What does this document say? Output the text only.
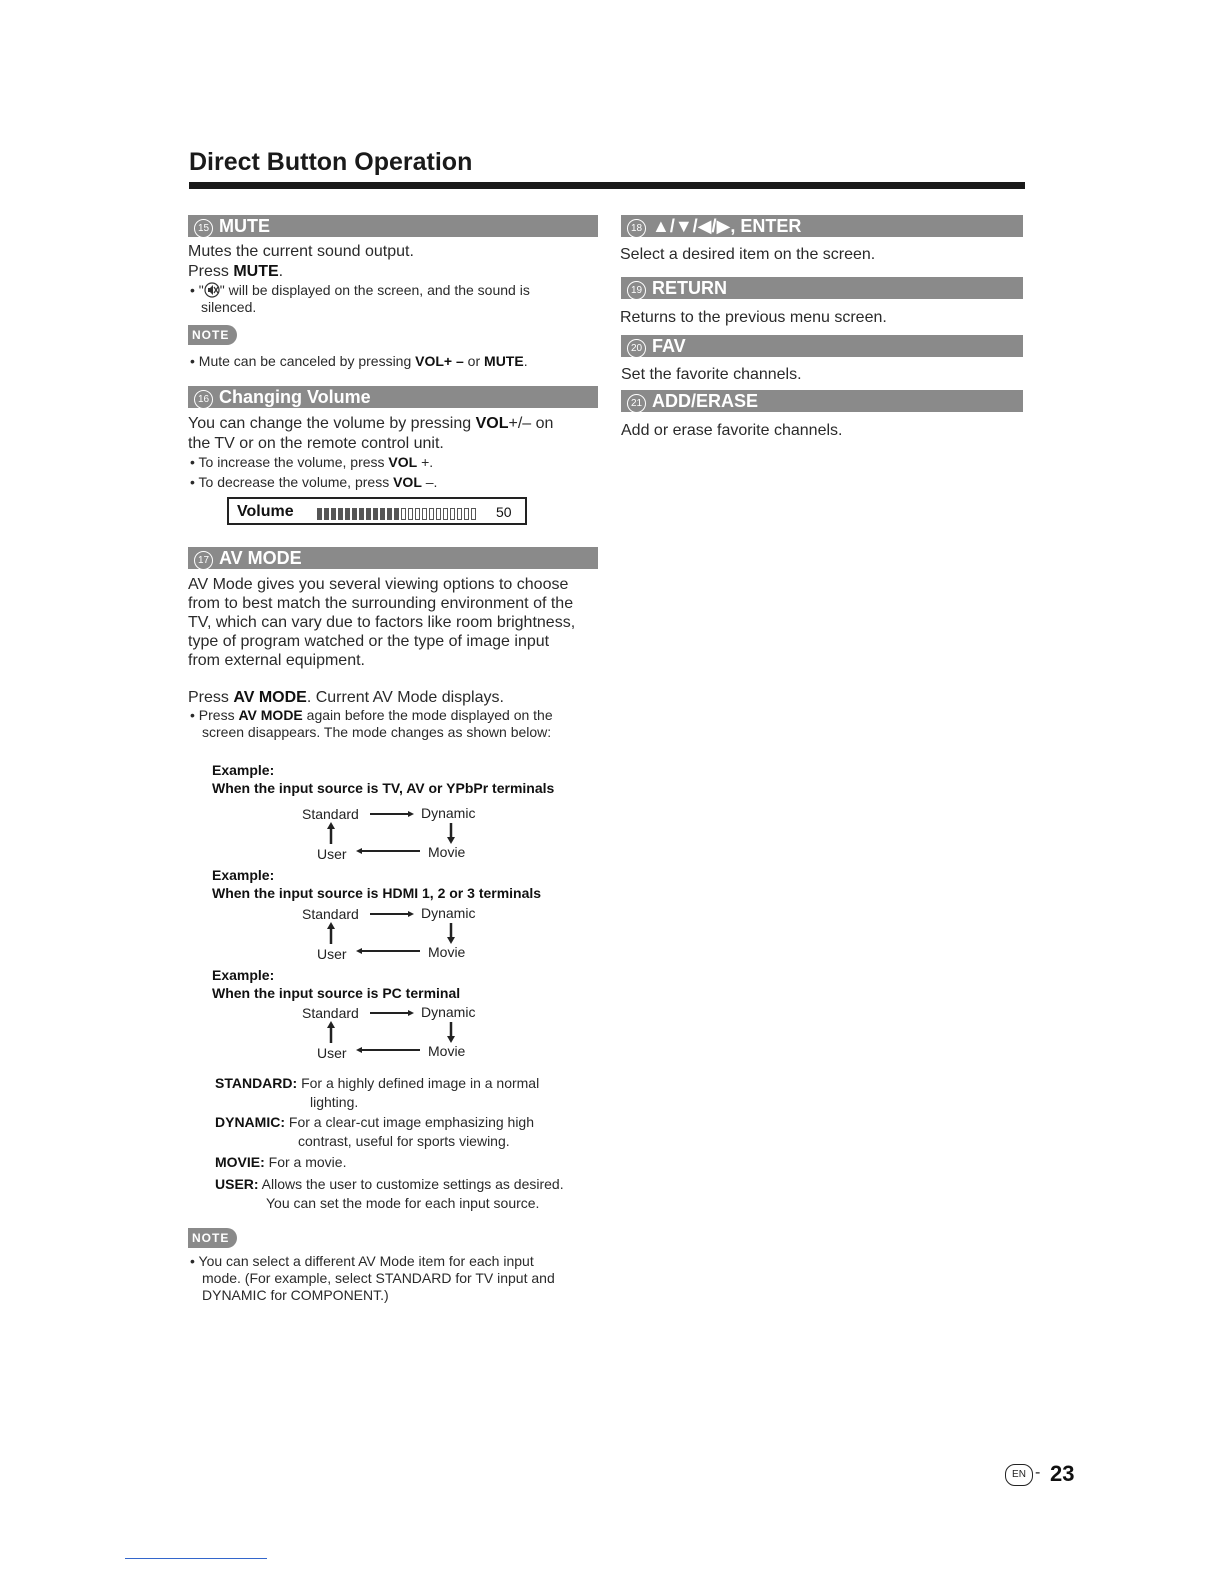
Direct Button Operation
15 MUTE
Mutes the current sound output.
Press MUTE.
• " " will be displayed on the screen, and the sound is
silenced.
NOTE
• Mute can be canceled by pressing VOL+ – or MUTE.
16 Changing Volume
You can change the volume by pressing VOL+/– on
the TV or on the remote control unit.
• To increase the volume, press VOL +.
• To decrease the volume, press VOL –.
Volume	50
17 AV MODE
AV Mode gives you several viewing options to choose
from to best match the surrounding environment of the
TV, which can vary due to factors like room brightness,
type of program watched or the type of image input
from external equipment.
Press AV MODE. Current AV Mode displays.
• Press AV MODE again before the mode displayed on the
screen disappears. The mode changes as shown below:
Example:
When the input source is TV, AV or YPbPr terminals
Standard	Dynamic
User	Movie
Example:
When the input source is HDMI 1, 2 or 3 terminals
Standard	Dynamic
User	Movie
Example:
When the input source is PC terminal
Standard	Dynamic
User	Movie
STANDARD: For a highly defined image in a normal
lighting.
DYNAMIC: For a clear-cut image emphasizing high
contrast, useful for sports viewing.
MOVIE: For a movie.
USER: Allows the user to customize settings as desired.
You can set the mode for each input source.
NOTE
• You can select a different AV Mode item for each input
mode. (For example, select STANDARD for TV input and
DYNAMIC for COMPONENT.)
18 ▲/▼/◀/▶, ENTER
Select a desired item on the screen.
19 RETURN
Returns to the previous menu screen.
20 FAV
Set the favorite channels.
21 ADD/ERASE
Add or erase favorite channels.
EN - 23
